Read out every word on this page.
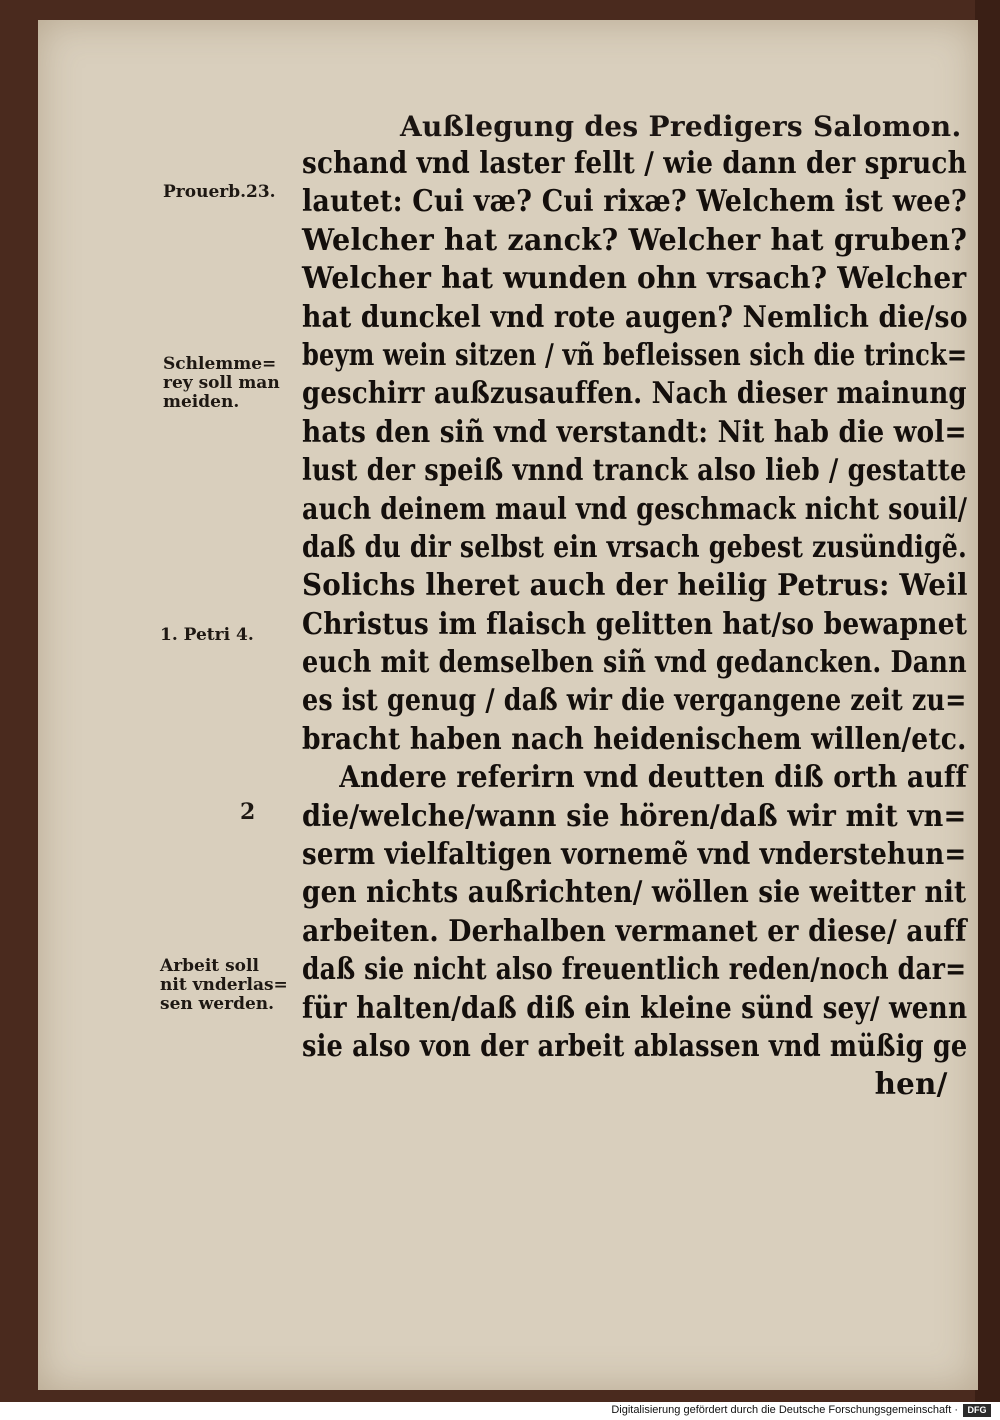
Außlegung des Predigers Salomon.
Prouerb.23.
Schlemme=
rey soll man
meiden.
1. Petri 4.
2
Arbeit soll
nit vnderlas=
sen werden.
schand vnd laster fellt / wie dann der spruch
lautet: Cui væ? Cui rixæ? Welchem ist wee?
Welcher hat zanck? Welcher hat gruben?
Welcher hat wunden ohn vrsach? Welcher
hat dunckel vnd rote augen? Nemlich die/so
beym wein sitzen / vñ befleissen sich die trinck=
geschirr außzusauffen. Nach dieser mainung
hats den siñ vnd verstandt: Nit hab die wol=
lust der speiß vnnd tranck also lieb / gestatte
auch deinem maul vnd geschmack nicht souil/
daß du dir selbst ein vrsach gebest zusündigẽ.
Solichs lheret auch der heilig Petrus: Weil
Christus im flaisch gelitten hat/so bewapnet
euch mit demselben siñ vnd gedancken. Dann
es ist genug / daß wir die vergangene zeit zu=
bracht haben nach heidenischem willen/etc.
Andere referirn vnd deutten diß orth auff
die/welche/wann sie hören/daß wir mit vn=
serm vielfaltigen vornemẽ vnd vnderstehun=
gen nichts außrichten/ wöllen sie weitter nit
arbeiten. Derhalben vermanet er diese/ auff
daß sie nicht also freuentlich reden/noch dar=
für halten/daß diß ein kleine sünd sey/ wenn
sie also von der arbeit ablassen vnd müßig ge
hen/
Digitalisierung gefördert durch die Deutsche Forschungsgemeinschaft ·	DFG
